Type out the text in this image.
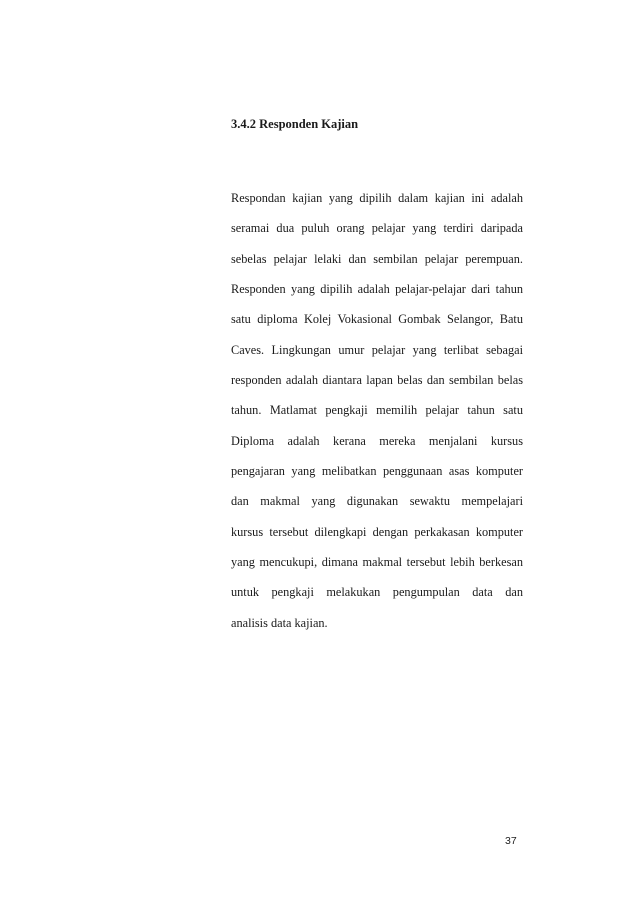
3.4.2 Responden Kajian
Respondan kajian yang dipilih dalam kajian ini adalah
seramai dua puluh orang pelajar yang terdiri daripada
sebelas pelajar lelaki dan sembilan pelajar perempuan.
Responden yang dipilih adalah pelajar-pelajar dari tahun
satu diploma Kolej Vokasional Gombak Selangor, Batu
Caves. Lingkungan umur pelajar yang terlibat sebagai
responden adalah diantara lapan belas dan sembilan belas
tahun. Matlamat pengkaji memilih pelajar tahun satu
Diploma adalah kerana mereka menjalani kursus
pengajaran yang melibatkan penggunaan asas komputer
dan makmal yang digunakan sewaktu mempelajari
kursus tersebut dilengkapi dengan perkakasan komputer
yang mencukupi, dimana makmal tersebut lebih berkesan
untuk pengkaji melakukan pengumpulan data dan
analisis data kajian.
37
